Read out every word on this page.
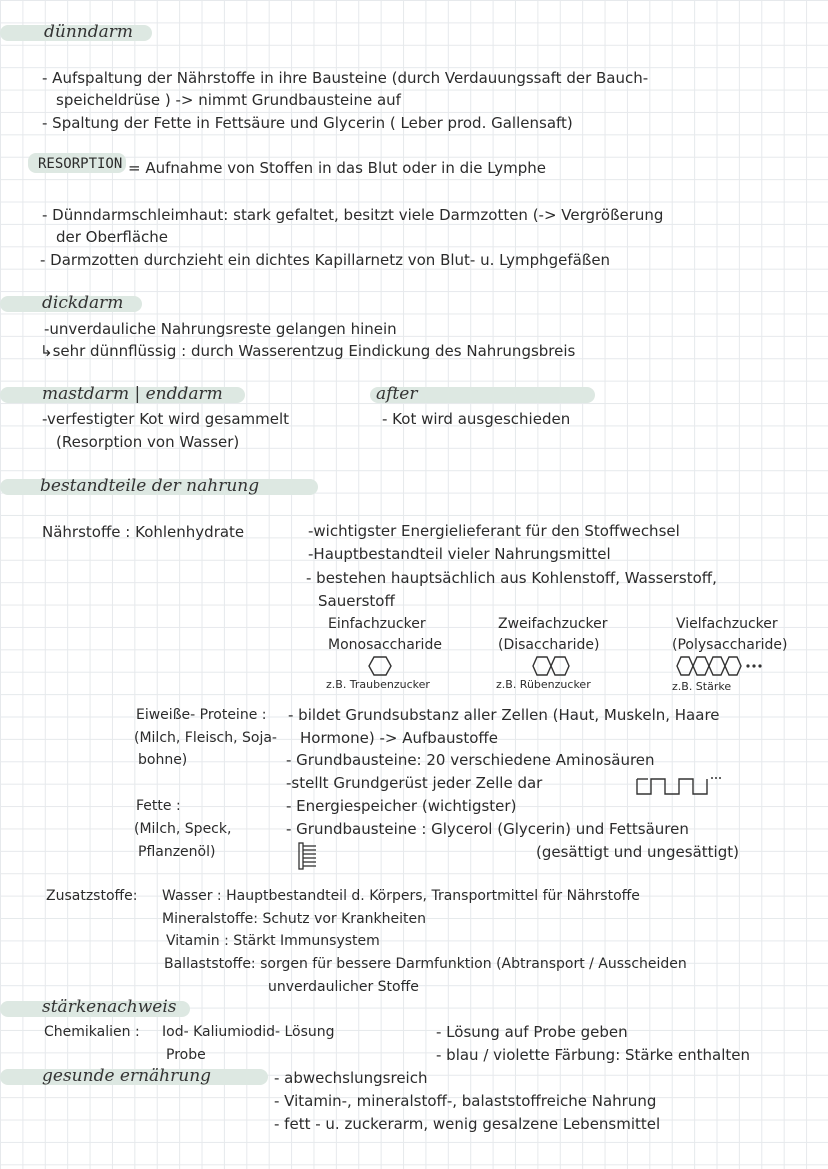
dünndarm
- Aufspaltung der Nährstoffe in ihre Bausteine (durch Verdauungssaft der Bauch-
speicheldrüse ) -> nimmt Grundbausteine auf
- Spaltung der Fette in Fettsäure und Glycerin ( Leber prod. Gallensaft)
RESORPTION = Aufnahme von Stoffen in das Blut oder in die Lymphe
- Dünndarmschleimhaut: stark gefaltet, besitzt viele Darmzotten (-> Vergrößerung
der Oberfläche
- Darmzotten durchzieht ein dichtes Kapillarnetz von Blut- u. Lymphgefäßen
dickdarm
-unverdauliche Nahrungsreste gelangen hinein
↳sehr dünnflüssig : durch Wasserentzug Eindickung des Nahrungsbreis
mastdarm | enddarm
-verfestigter Kot wird gesammelt
(Resorption von Wasser)
after
- Kot wird ausgeschieden
bestandteile der nahrung
Nährstoffe : Kohlenhydrate	-wichtigster Energielieferant für den Stoffwechsel
-Hauptbestandteil vieler Nahrungsmittel
- bestehen hauptsächlich aus Kohlenstoff, Wasserstoff,
Sauerstoff
Einfachzucker
Monosaccharide
z.B. Traubenzucker
Zweifachzucker
(Disaccharide)
z.B. Rübenzucker
Vielfachzucker
(Polysaccharide)
z.B. Stärke
Eiweiße- Proteine :
(Milch, Fleisch, Soja-
bohne)
- bildet Grundsubstanz aller Zellen (Haut, Muskeln, Haare
Hormone) -> Aufbaustoffe
- Grundbausteine: 20 verschiedene Aminosäuren
-stellt Grundgerüst jeder Zelle dar
Fette :
(Milch, Speck,
Pflanzenöl)
- Energiespeicher (wichtigster)
- Grundbausteine : Glycerol (Glycerin) und Fettsäuren
(gesättigt und ungesättigt)
Zusatzstoffe: Wasser : Hauptbestandteil d. Körpers, Transportmittel für Nährstoffe
Mineralstoffe: Schutz vor Krankheiten
Vitamin : Stärkt Immunsystem
Ballaststoffe: sorgen für bessere Darmfunktion (Abtransport / Ausscheiden
unverdaulicher Stoffe
stärkenachweis
Chemikalien : Iod- Kaliumiodid- Lösung
Probe
- Lösung auf Probe geben
- blau / violette Färbung: Stärke enthalten
gesunde ernährung	- abwechslungsreich
- Vitamin-, mineralstoff-, balaststoffreiche Nahrung
- fett - u. zuckerarm, wenig gesalzene Lebensmittel
